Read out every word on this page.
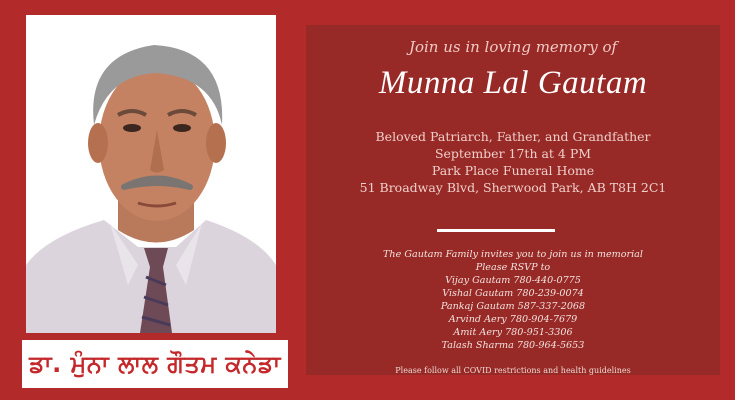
ਡਾ. ਮੁੰਨਾ ਲਾਲ ਗੌਤਮ ਕਨੇਡਾ
Join us in loving memory of
Munna Lal Gautam
Beloved Patriarch, Father, and Grandfather
September 17th at 4 PM
Park Place Funeral Home
51 Broadway Blvd, Sherwood Park, AB T8H 2C1
The Gautam Family invites you to join us in memorial
Please RSVP to
Vijay Gautam 780-440-0775
Vishal Gautam 780-239-0074
Pankaj Gautam 587-337-2068
Arvind Aery 780-904-7679
Amit Aery 780-951-3306
Talash Sharma 780-964-5653
Please follow all COVID restrictions and health guidelines
